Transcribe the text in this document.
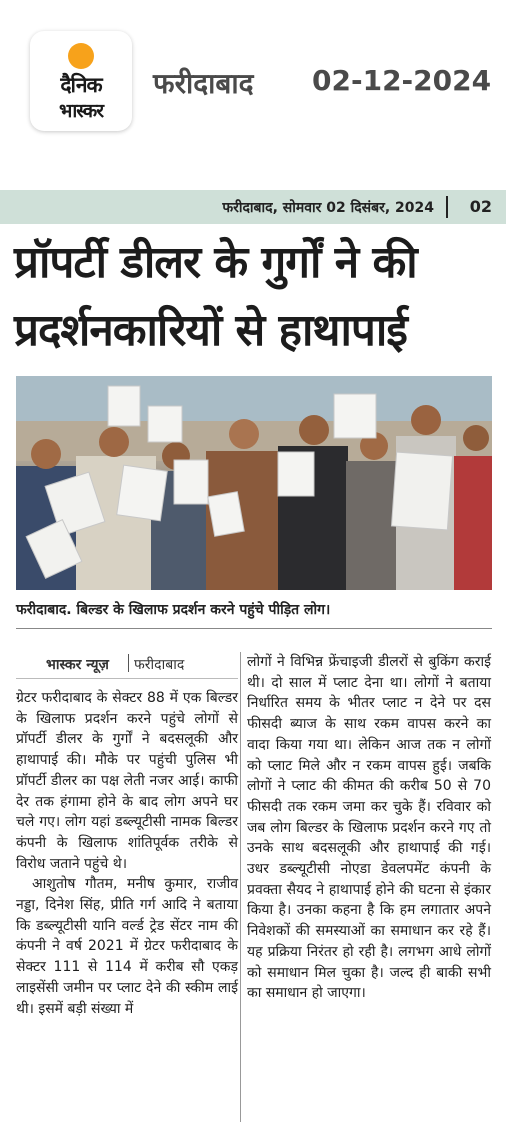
दैनिक
भास्कर
फरीदाबाद 02-12-2024
फरीदाबाद, सोमवार 02 दिसंबर, 2024 02
प्रॉपर्टी डीलर के गुर्गों ने की
प्रदर्शनकारियों से हाथापाई
फरीदाबाद. बिल्डर के खिलाफ प्रदर्शन करने पहुंचे पीड़ित लोग।
भास्कर न्यूज़ फरीदाबाद

ग्रेटर फरीदाबाद के सेक्टर 88 में एक बिल्डर के खिलाफ प्रदर्शन करने पहुंचे लोगों से प्रॉपर्टी डीलर के गुर्गों ने बदसलूकी और हाथापाई की। मौके पर पहुंची पुलिस भी प्रॉपर्टी डीलर का पक्ष लेती नजर आई। काफी देर तक हंगामा होने के बाद लोग अपने घर चले गए। लोग यहां डब्ल्यूटीसी नामक बिल्डर कंपनी के खिलाफ शांतिपूर्वक तरीके से विरोध जताने पहुंचे थे।

आशुतोष गौतम, मनीष कुमार, राजीव नड्डा, दिनेश सिंह, प्रीति गर्ग आदि ने बताया कि डब्ल्यूटीसी यानि वर्ल्ड ट्रेड सेंटर नाम की कंपनी ने वर्ष 2021 में ग्रेटर फरीदाबाद के सेक्टर 111 से 114 में करीब सौ एकड़ लाइसेंसी जमीन पर प्लाट देने की स्कीम लाई थी। इसमें बड़ी संख्या में

लोगों ने विभिन्न फ्रेंचाइजी डीलरों से बुकिंग कराई थी। दो साल में प्लाट देना था। लोगों ने बताया निर्धारित समय के भीतर प्लाट न देने पर दस फीसदी ब्याज के साथ रकम वापस करने का वादा किया गया था। लेकिन आज तक न लोगों को प्लाट मिले और न रकम वापस हुई। जबकि लोगों ने प्लाट की कीमत की करीब 50 से 70 फीसदी तक रकम जमा कर चुके हैं। रविवार को जब लोग बिल्डर के खिलाफ प्रदर्शन करने गए तो उनके साथ बदसलूकी और हाथापाई की गई। उधर डब्ल्यूटीसी नोएडा डेवलपमेंट कंपनी के प्रवक्ता सैयद ने हाथापाई होने की घटना से इंकार किया है। उनका कहना है कि हम लगातार अपने निवेशकों की समस्याओं का समाधान कर रहे हैं। यह प्रक्रिया निरंतर हो रही है। लगभग आधे लोगों को समाधान मिल चुका है। जल्द ही बाकी सभी का समाधान हो जाएगा।
